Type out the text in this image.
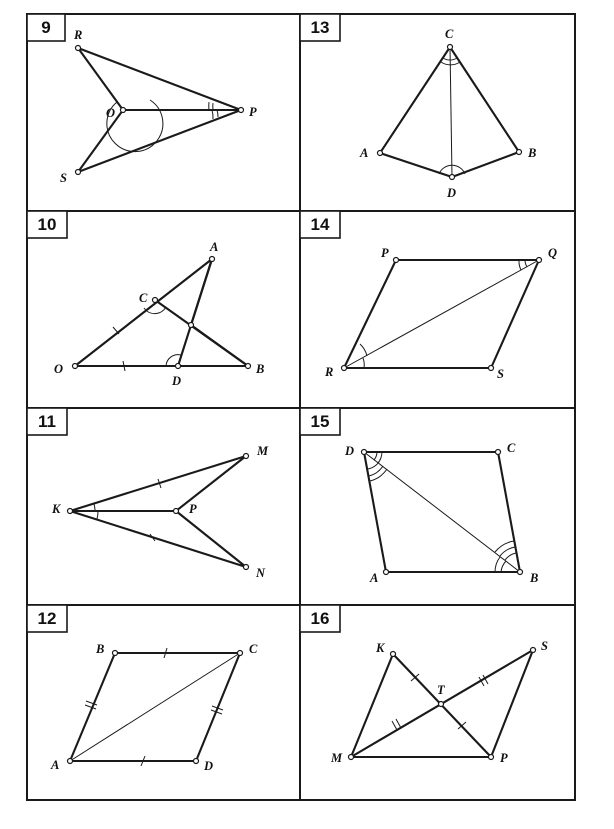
9 R
O	P
S
13	C
A	B
D
10
A
C
O
D
B
14
P	Q
R	S
11
M
K	P
N
15
D	C
A	B
12
B	C
A	D
16
K	S
T
M	P
